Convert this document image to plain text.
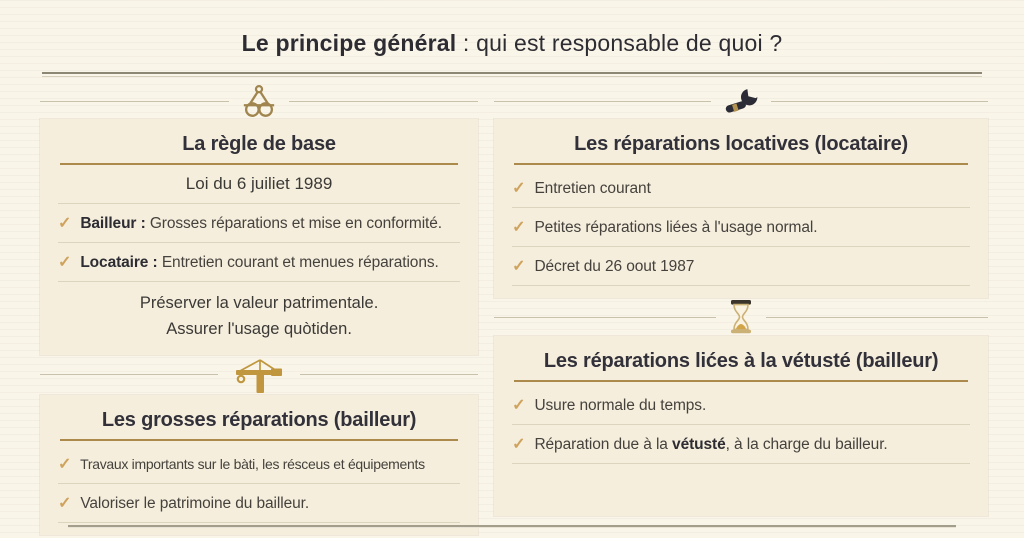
Le principe général : qui est responsable de quoi ?
La règle de base

Loi du 6 juiliet 1989

✓ Bailleur : Grosses réparations et mise en conformité.
✓ Locataire : Entretien courant et menues réparations.

Préserver la valeur patrimentale.

Assurer l'usage quòtiden.

Les grosses réparations (bailleur)
✓ Travaux importants sur le bàti, les résceus et équipements
✓ Valoriser le patrimoine du bailleur.
Les réparations locatives (locataire)
✓ Entretien courant
✓ Petites réparations liées à l'usage normal.
✓ Décret du 26 oout 1987
Les réparations lićes à la vétusté (bailleur)
✓ Usure normale du temps.
✓ Réparation due à la vétusté, à la charge du bailleur.
